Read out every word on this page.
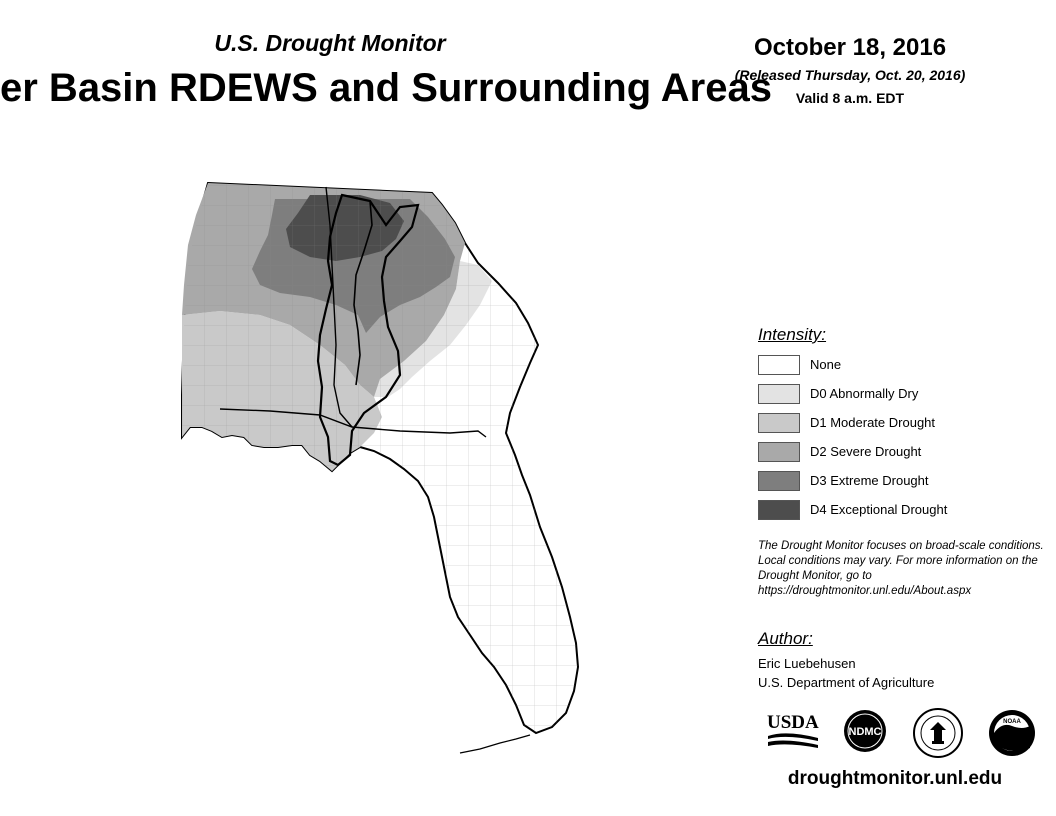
U.S. Drought Monitor
er Basin RDEWS and Surrounding Areas
October 18, 2016
(Released Thursday, Oct. 20, 2016)
Valid 8 a.m. EDT
Intensity:
None
D0 Abnormally Dry
D1 Moderate Drought
D2 Severe Drought
D3 Extreme Drought
D4 Exceptional Drought
The Drought Monitor focuses on broad-scale conditions. Local conditions may vary. For more information on the Drought Monitor, go to https://droughtmonitor.unl.edu/About.aspx
Author:
Eric Luebehusen
U.S. Department of Agriculture
USDA	NDMC
NOAA
droughtmonitor.unl.edu
